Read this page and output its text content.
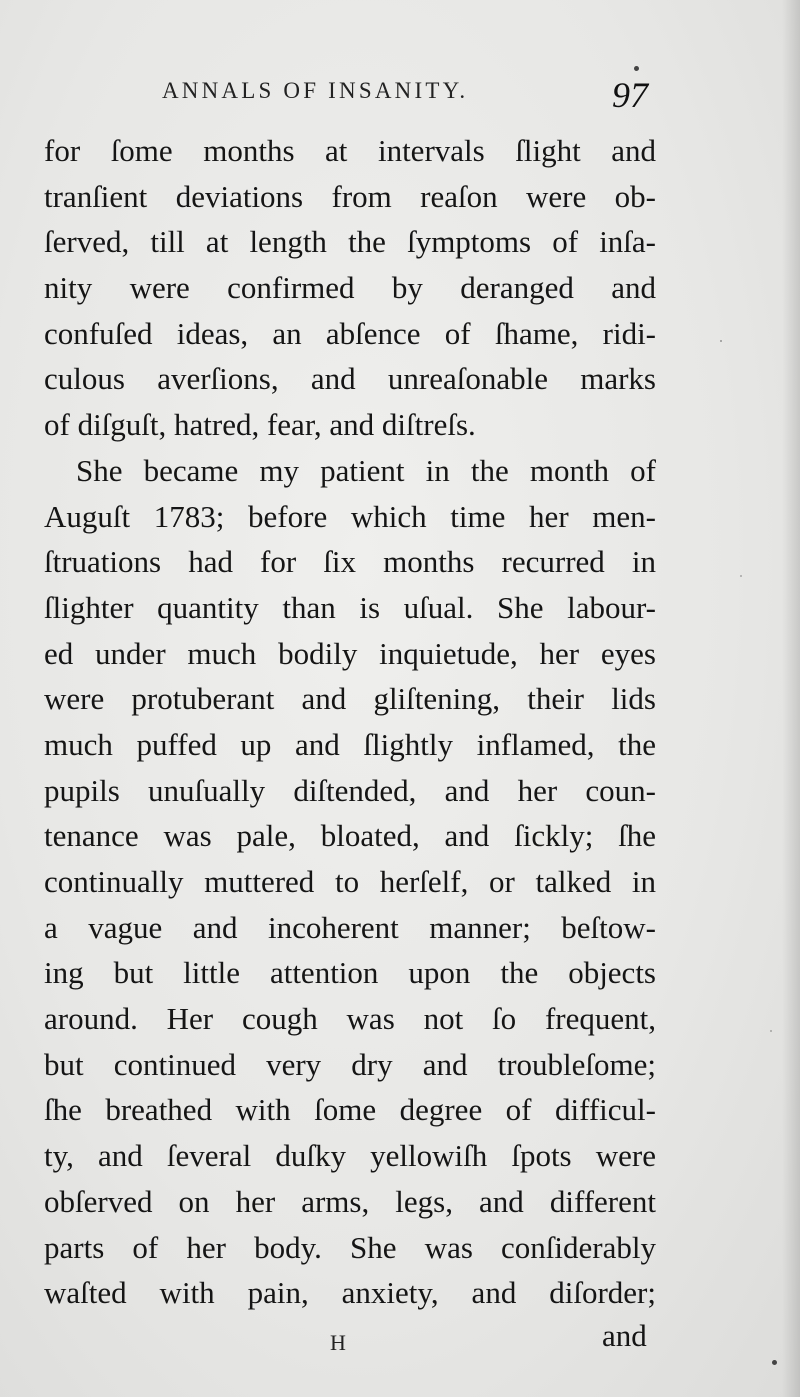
ANNALS OF INSANITY.	97
for ſome months at intervals ſlight and
tranſient deviations from reaſon were ob-
ſerved, till at length the ſymptoms of inſa-
nity were confirmed by deranged and
confuſed ideas, an abſence of ſhame, ridi-
culous averſions, and unreaſonable marks
of diſguſt, hatred, fear, and diſtreſs.
She became my patient in the month of
Auguſt 1783; before which time her men-
ſtruations had for ſix months recurred in
ſlighter quantity than is uſual. She labour-
ed under much bodily inquietude, her eyes
were protuberant and gliſtening, their lids
much puffed up and ſlightly inflamed, the
pupils unuſually diſtended, and her coun-
tenance was pale, bloated, and ſickly; ſhe
continually muttered to herſelf, or talked in
a vague and incoherent manner; beſtow-
ing but little attention upon the objects
around. Her cough was not ſo frequent,
but continued very dry and troubleſome;
ſhe breathed with ſome degree of difficul-
ty, and ſeveral duſky yellowiſh ſpots were
obſerved on her arms, legs, and different
parts of her body. She was conſiderably
waſted with pain, anxiety, and diſorder;
H	and
